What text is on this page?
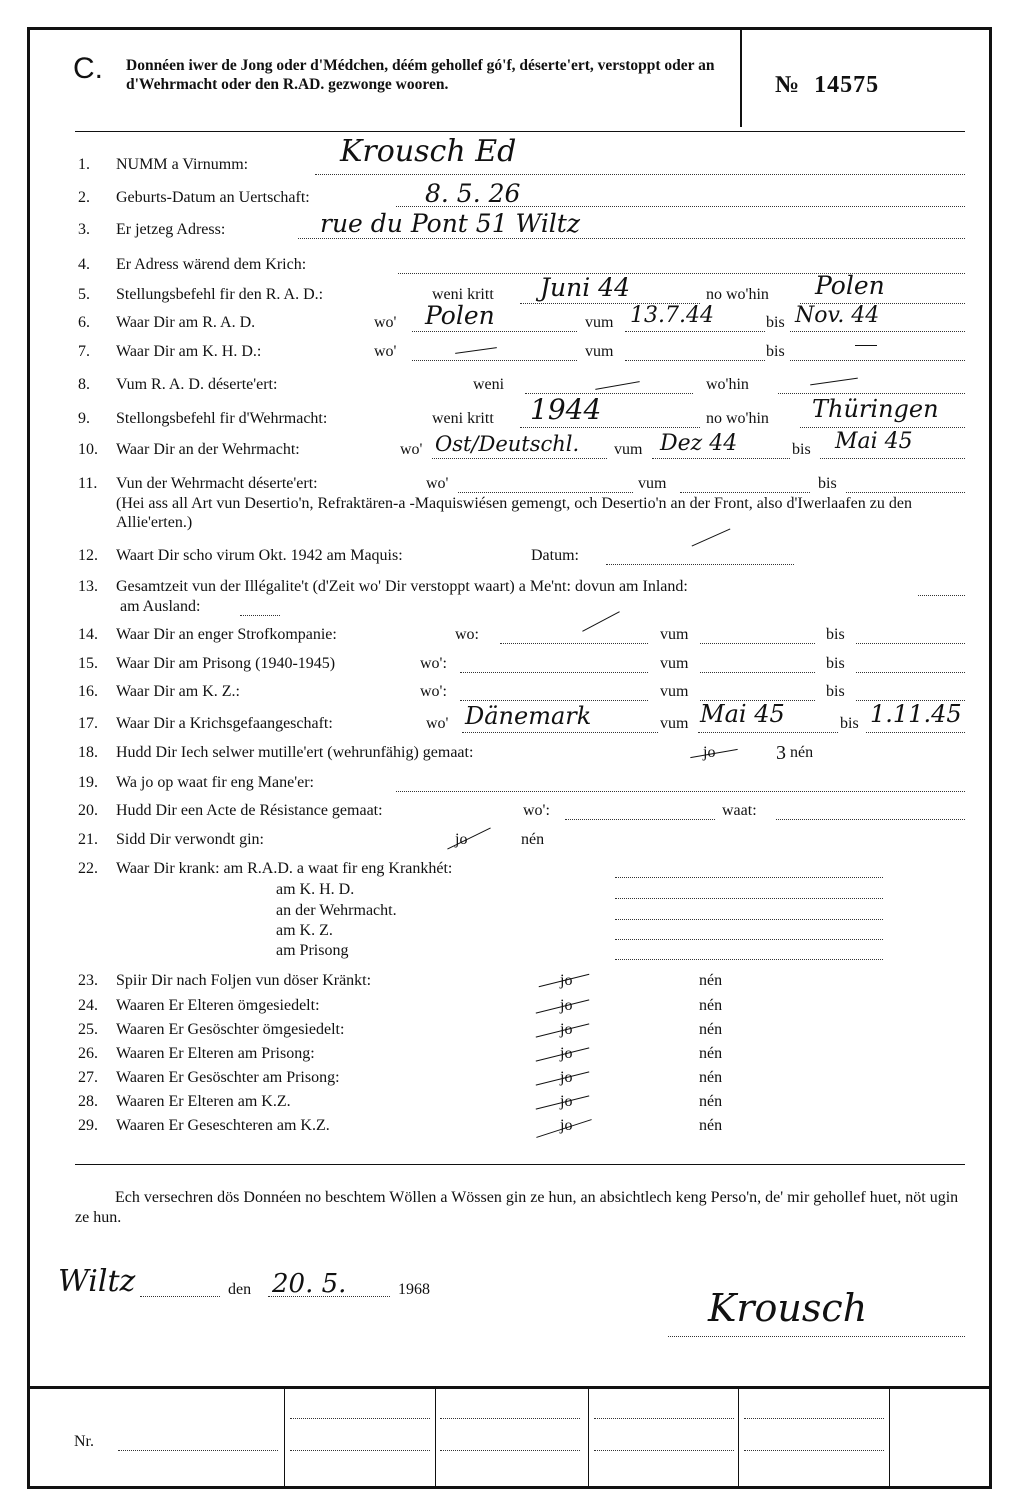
C. Donnéen iwer de Jong oder d'Médchen, déém gehollef gó'f, déserte'ert, verstoppt oder an d'Wehrmacht oder den R.AD. gezwonge wooren.	№ 14575
1. NUMM a Virnumm:	Krousch Ed
2. Geburts-Datum an Uertschaft:	8. 5. 26
3. Er jetzeg Adress:	rue du Pont 51 Wiltz
4. Er Adress wärend dem Krich:
5. Stellungsbefehl fir den R. A. D.:	weni kritt Juni 44	no wo'hin Polen
6. Waar Dir am R. A. D.	wo' Polen	vum 13.7.44	bis Nov. 44
7. Waar Dir am K. H. D.:	wo'	vum	bis
8. Vum R. A. D. déserte'ert:	weni	wo'hin
9. Stellongsbefehl fir d'Wehrmacht:	weni kritt 1944	no wo'hin Thüringen
10. Waar Dir an der Wehrmacht:	wo' Ost/Deutschl. vum Dez 44	bis Mai 45
11. Vun der Wehrmacht déserte'ert:	wo'	vum	bis
(Hei ass all Art vun Desertio'n, Refraktären-a -Maquiswiésen gemengt, och Desertio'n an der Front, also d'Iwerlaafen zu den Allie'erten.)
12. Waart Dir scho virum Okt. 1942 am Maquis:	Datum:
13. Gesamtzeit vun der Illégalite't (d'Zeit wo' Dir verstoppt waart) a Me'nt: dovun am Inland:
am Ausland:
14. Waar Dir an enger Strofkompanie:	wo:	vum	bis
15. Waar Dir am Prisong (1940-1945)	wo':	vum	bis
16. Waar Dir am K. Z.:	wo':	vum	bis
17. Waar Dir a Krichsgefaangeschaft:	wo' Dänemark	vum Mai 45	bis 1.11.45
18. Hudd Dir Iech selwer mutille'ert (wehrunfähig) gemaat:	jo	3 nén
19. Wa jo op waat fir eng Mane'er:
20. Hudd Dir een Acte de Résistance gemaat:	wo':	waat:
21. Sidd Dir verwondt gin:	jo	nén
22. Waar Dir krank: am R.A.D. a waat fir eng Krankhét:
am K. H. D.
an der Wehrmacht.
am K. Z.
am Prisong
23. Spiir Dir nach Foljen vun döser Kränkt:	jo	nén
24. Waaren Er Elteren ömgesiedelt:	jo	nén
25. Waaren Er Gesöschter ömgesiedelt:	jo	nén
26. Waaren Er Elteren am Prisong:	jo	nén
27. Waaren Er Gesöschter am Prisong:	jo	nén
28. Waaren Er Elteren am K.Z.	jo	nén
29. Waaren Er Geseschteren am K.Z.	jo	nén
Ech versechren dös Donnéen no beschtem Wöllen a Wössen gin ze hun, an absichtlech keng Perso'n, de' mir gehollef huet, nöt ugin ze hun.
Wiltz	den 20. 5.	1968	Krousch
Nr.
